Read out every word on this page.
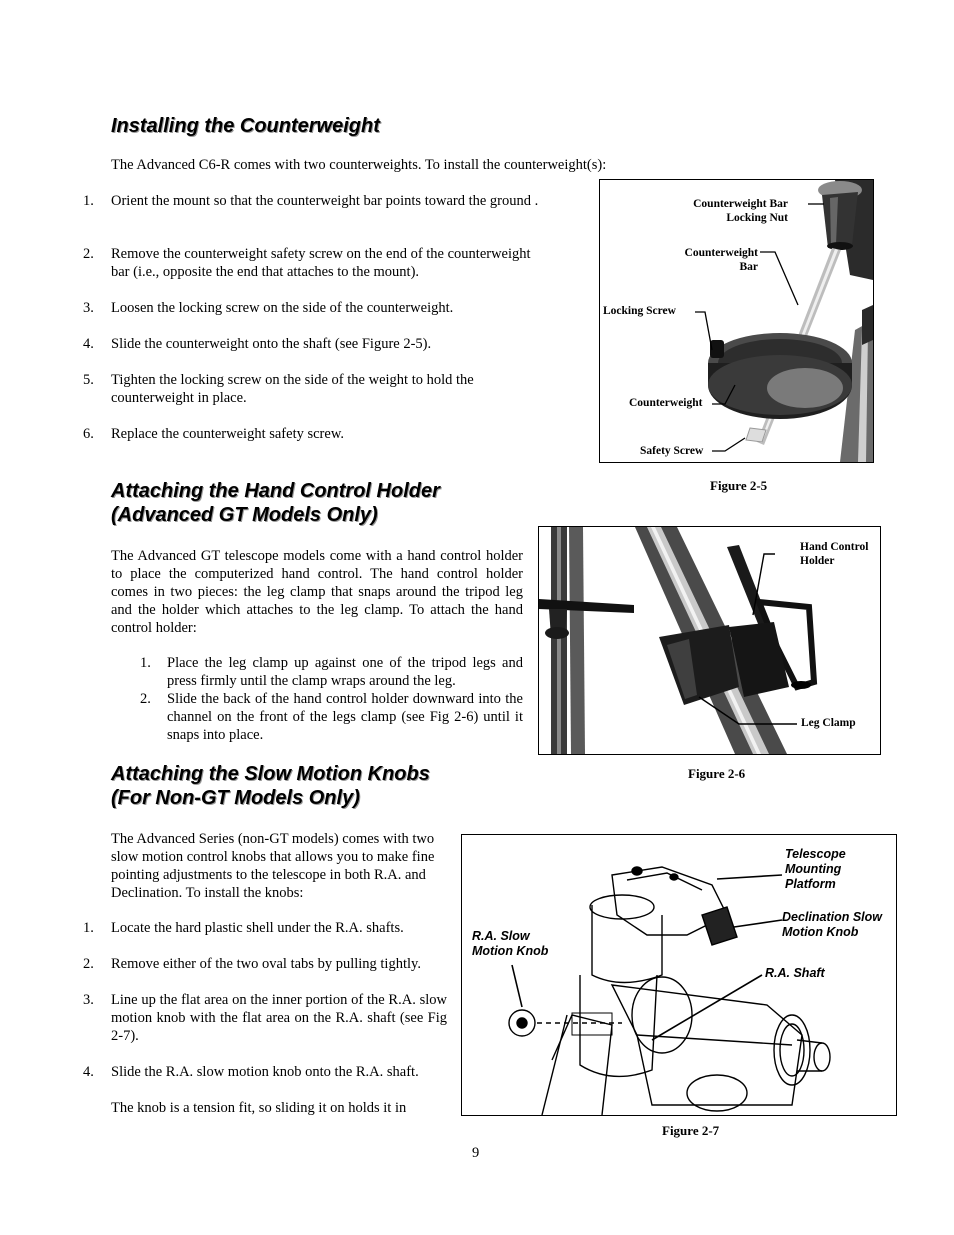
Installing the Counterweight
The Advanced C6-R comes with two counterweights. To install the counterweight(s):
1. Orient the mount so that the counterweight bar points toward the ground .
2. Remove the counterweight safety screw on the end of the counterweight bar (i.e., opposite the end that attaches to the mount).
3. Loosen the locking screw on the side of the counterweight.
4. Slide the counterweight onto the shaft (see Figure 2-5).
5. Tighten the locking screw on the side of the weight to hold the counterweight in place.
6. Replace the counterweight safety screw.
Counterweight Bar
Locking Nut
Counterweight
Bar
Locking Screw
Counterweight
Safety Screw
Figure 2-5
Attaching the Hand Control Holder
(Advanced GT Models Only)
The Advanced GT telescope models come with a hand control holder to place the computerized hand control. The hand control holder comes in two pieces: the leg clamp that snaps around the tripod leg and the holder which attaches to the leg clamp. To attach the hand control holder:
1. Place the leg clamp up against one of the tripod legs and press firmly until the clamp wraps around the leg.
2. Slide the back of the hand control holder downward into the channel on the front of the legs clamp (see Fig 2-6) until it snaps into place.
Hand Control
Holder
Leg Clamp
Figure 2-6
Attaching the Slow Motion Knobs
(For Non-GT Models Only)
The Advanced Series (non-GT models) comes with two slow motion control knobs that allows you to make fine pointing adjustments to the telescope in both R.A. and Declination. To install the knobs:
1. Locate the hard plastic shell under the R.A. shafts.
2. Remove either of the two oval tabs by pulling tightly.
3. Line up the flat area on the inner portion of the R.A. slow motion knob with the flat area on the R.A. shaft (see Fig 2-7).
4. Slide the R.A. slow motion knob onto the R.A. shaft.
The knob is a tension fit, so sliding it on holds it in
Telescope
Mounting
Platform
Declination Slow
Motion Knob
R.A. Slow
Motion Knob
R.A. Shaft
Figure 2-7
9
